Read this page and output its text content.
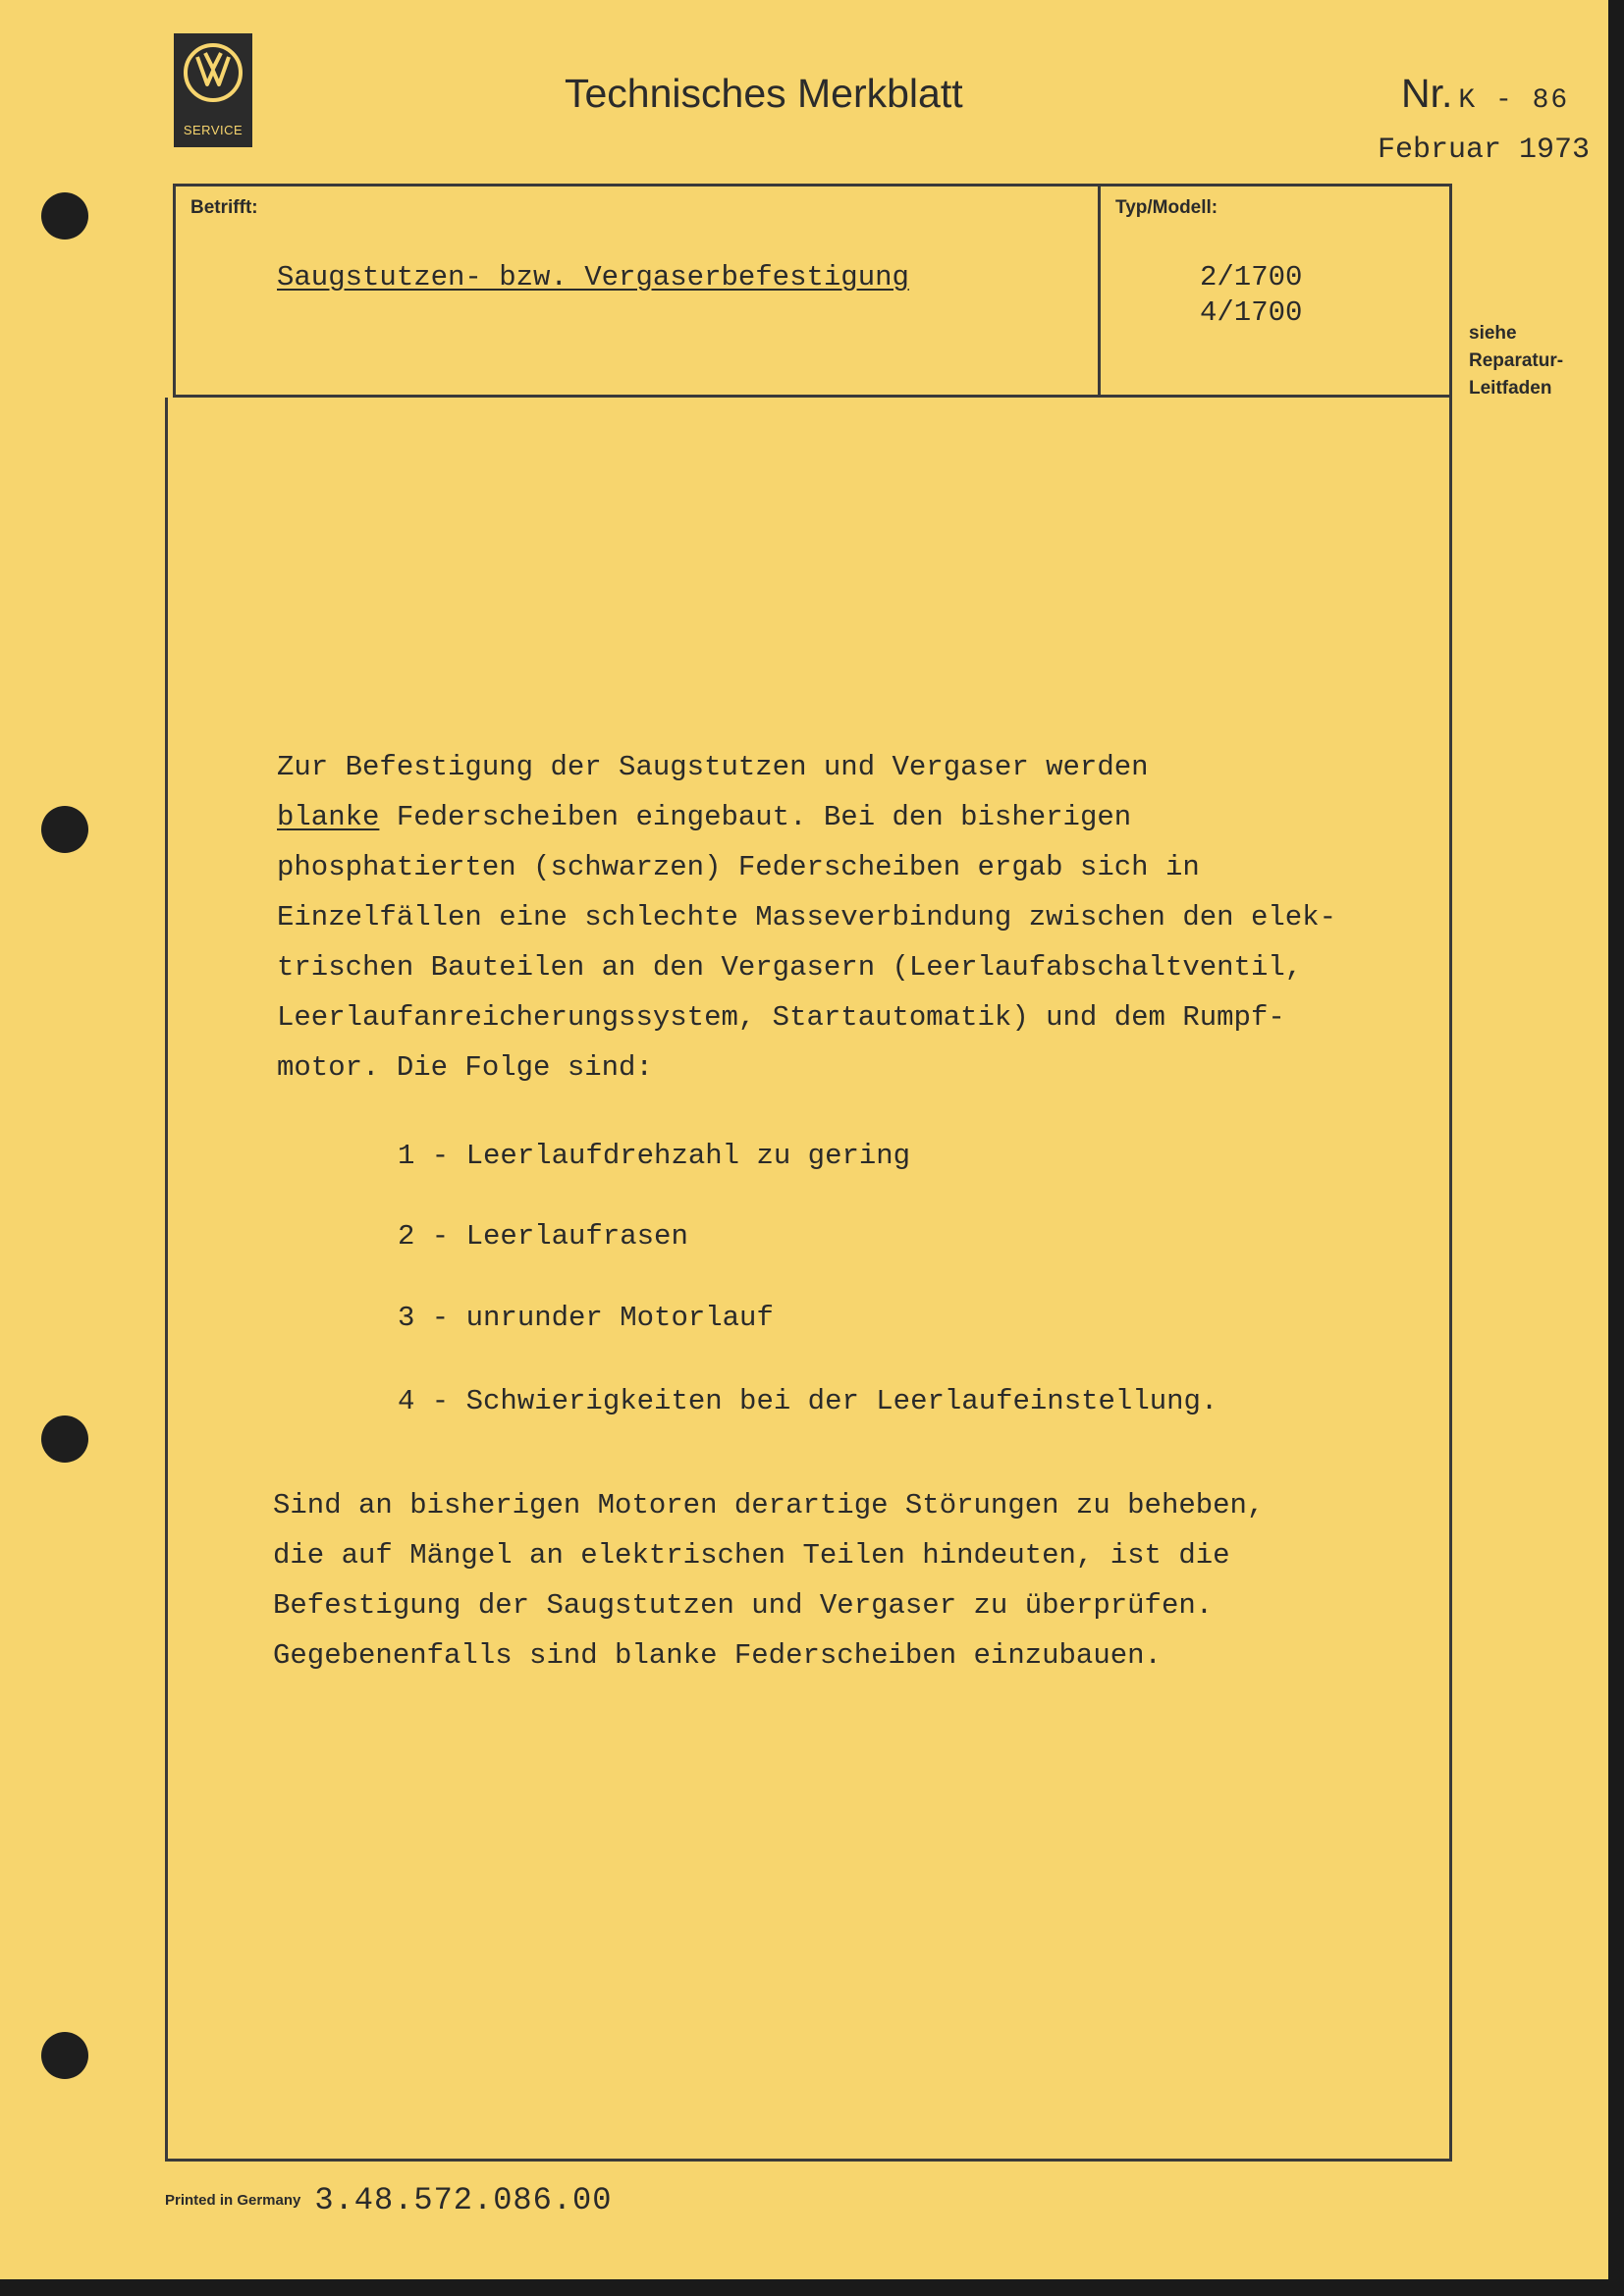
SERVICE
Technisches Merkblatt	Nr. K - 86
Februar 1973
Betrifft:	Typ/Modell:
Saugstutzen- bzw. Vergaserbefestigung	2/1700
4/1700
siehe
Reparatur-
Leitfaden
Zur Befestigung der Saugstutzen und Vergaser werden
blanke Federscheiben eingebaut. Bei den bisherigen
phosphatierten (schwarzen) Federscheiben ergab sich in
Einzelfällen eine schlechte Masseverbindung zwischen den elek-
trischen Bauteilen an den Vergasern (Leerlaufabschaltventil,
Leerlaufanreicherungssystem, Startautomatik) und dem Rumpf-
motor. Die Folge sind:
1 - Leerlaufdrehzahl zu gering
2 - Leerlaufrasen
3 - unrunder Motorlauf
4 - Schwierigkeiten bei der Leerlaufeinstellung.
Sind an bisherigen Motoren derartige Störungen zu beheben,
die auf Mängel an elektrischen Teilen hindeuten, ist die
Befestigung der Saugstutzen und Vergaser zu überprüfen.
Gegebenenfalls sind blanke Federscheiben einzubauen.
Printed in Germany 3.48.572.086.00
